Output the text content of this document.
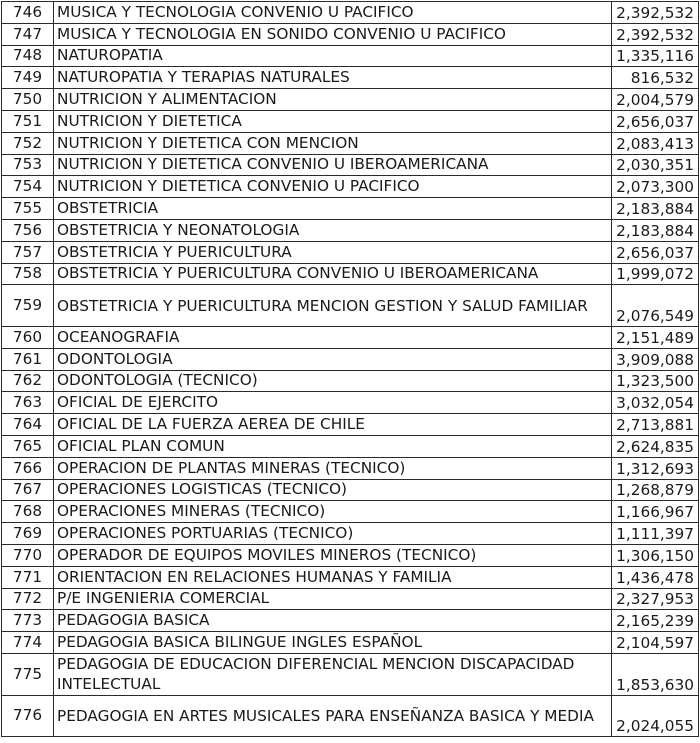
746	MUSICA Y TECNOLOGIA CONVENIO U PACIFICO	2,392,532
747	MUSICA Y TECNOLOGIA EN SONIDO CONVENIO U PACIFICO	2,392,532
748	NATUROPATIA	1,335,116
749	NATUROPATIA Y TERAPIAS NATURALES	816,532
750	NUTRICION Y ALIMENTACION	2,004,579
751	NUTRICION Y DIETETICA	2,656,037
752	NUTRICION Y DIETETICA CON MENCION	2,083,413
753	NUTRICION Y DIETETICA CONVENIO U IBEROAMERICANA	2,030,351
754	NUTRICION Y DIETETICA CONVENIO U PACIFICO	2,073,300
755	OBSTETRICIA	2,183,884
756	OBSTETRICIA Y NEONATOLOGIA	2,183,884
757	OBSTETRICIA Y PUERICULTURA	2,656,037
758	OBSTETRICIA Y PUERICULTURA CONVENIO U IBEROAMERICANA	1,999,072
759	OBSTETRICIA Y PUERICULTURA MENCION GESTION Y SALUD FAMILIAR	2,076,549
760	OCEANOGRAFIA	2,151,489
761	ODONTOLOGIA	3,909,088
762	ODONTOLOGIA (TECNICO)	1,323,500
763	OFICIAL DE EJERCITO	3,032,054
764	OFICIAL DE LA FUERZA AEREA DE CHILE	2,713,881
765	OFICIAL PLAN COMUN	2,624,835
766	OPERACION DE PLANTAS MINERAS (TECNICO)	1,312,693
767	OPERACIONES LOGISTICAS (TECNICO)	1,268,879
768	OPERACIONES MINERAS (TECNICO)	1,166,967
769	OPERACIONES PORTUARIAS (TECNICO)	1,111,397
770	OPERADOR DE EQUIPOS MOVILES MINEROS (TECNICO)	1,306,150
771	ORIENTACION EN RELACIONES HUMANAS Y FAMILIA	1,436,478
772	P/E INGENIERIA COMERCIAL	2,327,953
773	PEDAGOGIA BASICA	2,165,239
774	PEDAGOGIA BASICA BILINGUE INGLES ESPAÑOL	2,104,597
775	PEDAGOGIA DE EDUCACION DIFERENCIAL MENCION DISCAPACIDAD INTELECTUAL	1,853,630
776	PEDAGOGIA EN ARTES MUSICALES PARA ENSEÑANZA BASICA Y MEDIA	2,024,055
